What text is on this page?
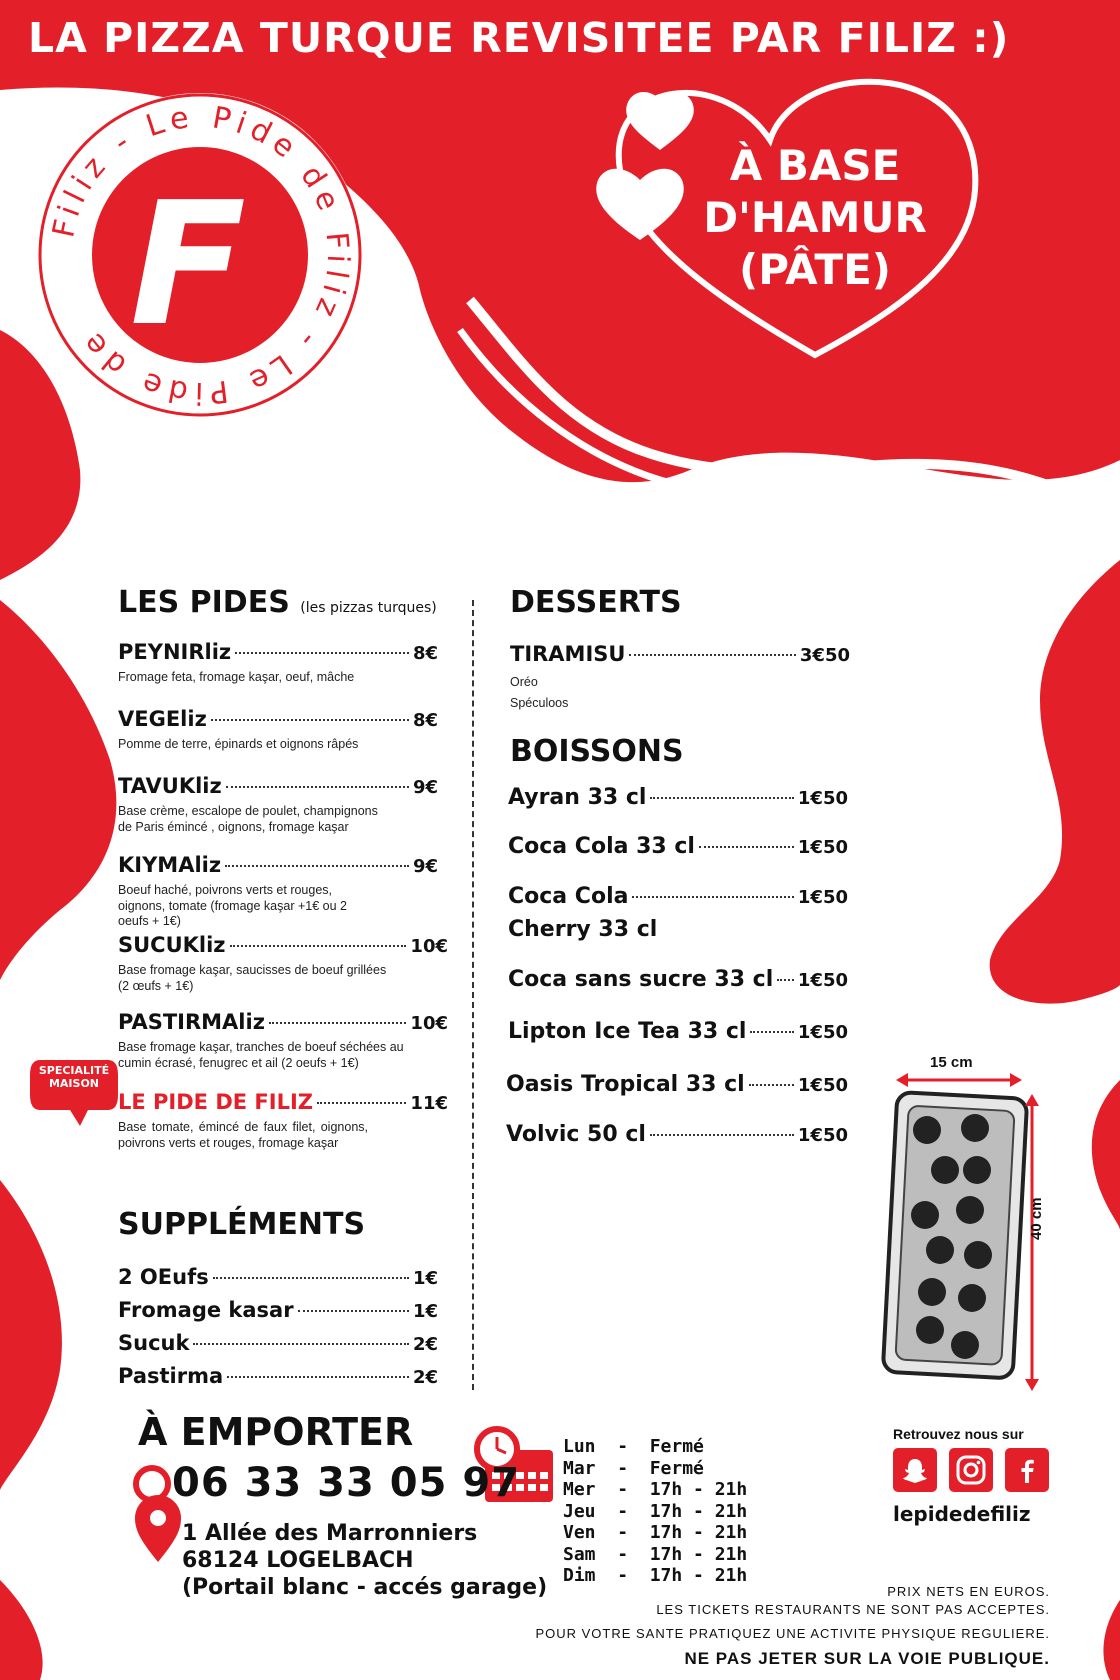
LA PIZZA TURQUE REVISITEE PAR FILIZ :)
Filiz - Le Pide de Filiz - Le Pide de F
À BASE
D'HAMUR
(PÂTE)
LES PIDES (les pizzas turques)
PEYNIRliz	8€
Fromage feta, fromage kaşar, oeuf, mâche
VEGEliz	8€
Pomme de terre, épinards et oignons râpés
TAVUKliz	9€
Base crème, escalope de poulet, champignons de Paris émincé , oignons, fromage kaşar
KIYMAliz	9€
Boeuf haché, poivrons verts et rouges, oignons, tomate (fromage kaşar +1€ ou 2 oeufs + 1€)
SUCUKliz	10€
Base fromage kaşar, saucisses de boeuf grillées (2 œufs + 1€)
PASTIRMAliz	10€
Base fromage kaşar, tranches de boeuf séchées au cumin écrasé, fenugrec et ail (2 oeufs + 1€)
LE PIDE DE FILIZ	11€
Base tomate, émincé de faux filet, oignons, poivrons verts et rouges, fromage kaşar
SPECIALITÉ
MAISON
SUPPLÉMENTS
2 OEufs	1€
Fromage kasar	1€
Sucuk	2€
Pastirma	2€
DESSERTS
TIRAMISU	3€50
Oréo
Spéculoos
BOISSONS
Ayran 33 cl	1€50
Coca Cola 33 cl	1€50
Coca Cola	1€50
Cherry 33 cl
Coca sans sucre 33 cl 1€50
Lipton Ice Tea 33 cl	1€50
Oasis Tropical 33 cl	1€50
Volvic 50 cl	1€50
15 cm
40 cm
À EMPORTER
06 33 33 05 97
1 Allée des Marronniers
68124 LOGELBACH
(Portail blanc - accés garage)
Lun  -  Fermé
Mar  -  Fermé
Mer  -  17h - 21h
Jeu  -  17h - 21h
Ven  -  17h - 21h
Sam  -  17h - 21h
Dim  -  17h - 21h
Retrouvez nous sur
lepidedefiliz
PRIX NETS EN EUROS.
LES TICKETS RESTAURANTS NE SONT PAS ACCEPTES.
POUR VOTRE SANTE PRATIQUEZ UNE ACTIVITE PHYSIQUE REGULIERE.
NE PAS JETER SUR LA VOIE PUBLIQUE.
